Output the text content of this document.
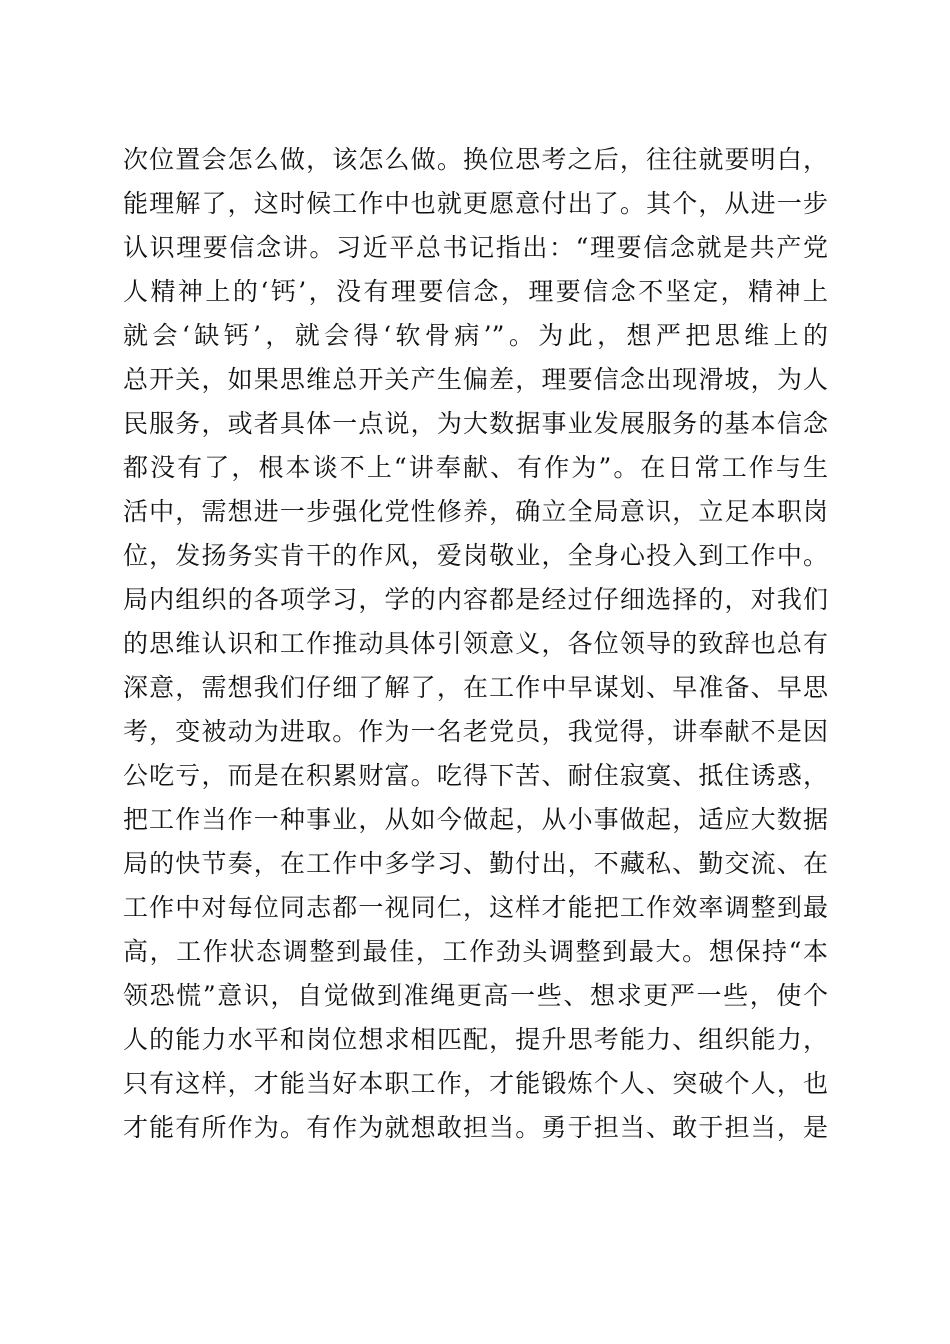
次位置会怎么做，该怎么做。换位思考之后，往往就要明白，
能理解了，这时候工作中也就更愿意付出了。其个，从进一步
认识理要信念讲。习近平总书记指出：“理要信念就是共产党
人精神上的‘钙’，没有理要信念，理要信念不坚定，精神上
就会‘缺钙’，就会得‘软骨病’”。为此，想严把思维上的
总开关，如果思维总开关产生偏差，理要信念出现滑坡，为人
民服务，或者具体一点说，为大数据事业发展服务的基本信念
都没有了，根本谈不上“讲奉献、有作为”。在日常工作与生
活中，需想进一步强化党性修养，确立全局意识，立足本职岗
位，发扬务实肯干的作风，爱岗敬业，全身心投入到工作中。
局内组织的各项学习，学的内容都是经过仔细选择的，对我们
的思维认识和工作推动具体引领意义，各位领导的致辞也总有
深意，需想我们仔细了解了，在工作中早谋划、早准备、早思
考，变被动为进取。作为一名老党员，我觉得，讲奉献不是因
公吃亏，而是在积累财富。吃得下苦、耐住寂寞、抵住诱惑，
把工作当作一种事业，从如今做起，从小事做起，适应大数据
局的快节奏，在工作中多学习、勤付出，不藏私、勤交流、在
工作中对每位同志都一视同仁，这样才能把工作效率调整到最
高，工作状态调整到最佳，工作劲头调整到最大。想保持“本
领恐慌”意识，自觉做到准绳更高一些、想求更严一些，使个
人的能力水平和岗位想求相匹配，提升思考能力、组织能力，
只有这样，才能当好本职工作，才能锻炼个人、突破个人，也
才能有所作为。有作为就想敢担当。勇于担当、敢于担当，是
